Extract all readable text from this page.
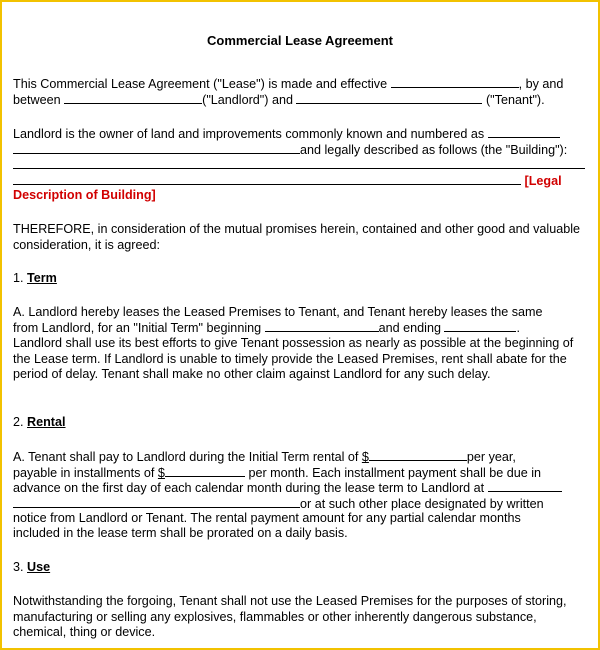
Commercial Lease Agreement
This Commercial Lease Agreement ("Lease") is made and effective	, by and
between	("Landlord") and	("Tenant").
Landlord is the owner of land and improvements commonly known and numbered as
and legally described as follows (the "Building"):
[Legal
Description of Building]
THEREFORE, in consideration of the mutual promises herein, contained and other good and valuable consideration, it is agreed:
1. Term
A. Landlord hereby leases the Leased Premises to Tenant, and Tenant hereby leases the same
from Landlord, for an "Initial Term" beginning	and ending	.
Landlord shall use its best efforts to give Tenant possession as nearly as possible at the beginning of the Lease term. If Landlord is unable to timely provide the Leased Premises, rent shall abate for the period of delay. Tenant shall make no other claim against Landlord for any such delay.
2. Rental
A. Tenant shall pay to Landlord during the Initial Term rental of $	per year,
payable in installments of $	per month. Each installment payment shall be due in
advance on the first day of each calendar month during the lease term to Landlord at
or at such other place designated by written
notice from Landlord or Tenant. The rental payment amount for any partial calendar months
included in the lease term shall be prorated on a daily basis.
3. Use
Notwithstanding the forgoing, Tenant shall not use the Leased Premises for the purposes of storing, manufacturing or selling any explosives, flammables or other inherently dangerous substance, chemical, thing or device.
